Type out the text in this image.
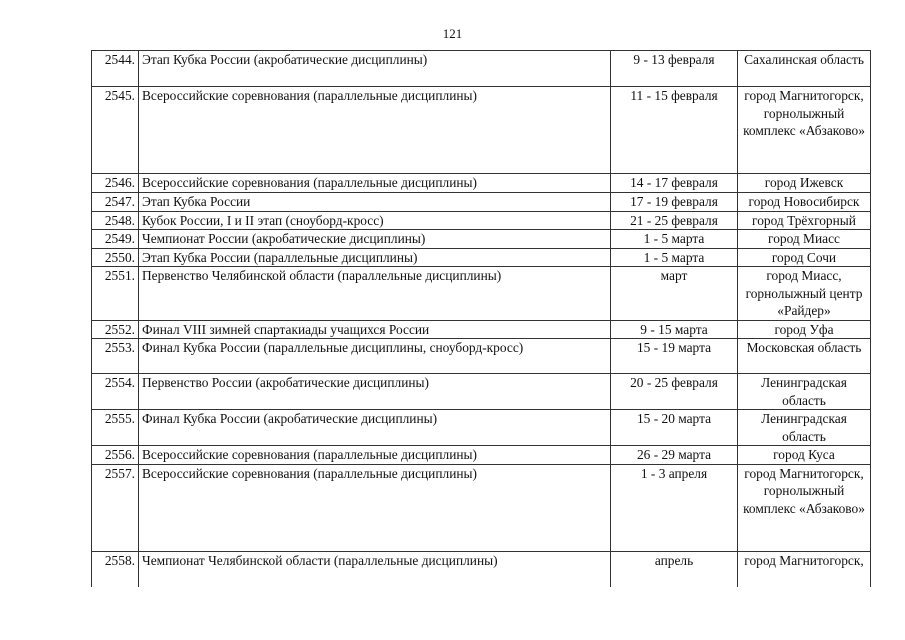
121
2544.	Этап Кубка России (акробатические дисциплины)	9 - 13 февраля	Сахалинская область
2545.	Всероссийские соревнования (параллельные дисциплины)	11 - 15 февраля	город Магнитогорск, горнолыжный комплекс «Абзаково»
2546.	Всероссийские соревнования (параллельные дисциплины)	14 - 17 февраля	город Ижевск
2547.	Этап Кубка России	17 - 19 февраля	город Новосибирск
2548.	Кубок России, I и II этап (сноуборд-кросс)	21 - 25 февраля	город Трёхгорный
2549.	Чемпионат России (акробатические дисциплины)	1 - 5 марта	город Миасс
2550.	Этап Кубка России (параллельные дисциплины)	1 - 5 марта	город Сочи
2551.	Первенство Челябинской области (параллельные дисциплины)	март	город Миасс, горнолыжный центр «Райдер»
2552.	Финал VIII зимней спартакиады учащихся России	9 - 15 марта	город Уфа
2553.	Финал Кубка России (параллельные дисциплины, сноуборд-кросс)	15 - 19 марта	Московская область
2554.	Первенство России (акробатические дисциплины)	20 - 25 февраля	Ленинградская область
2555.	Финал Кубка России (акробатические дисциплины)	15 - 20 марта	Ленинградская область
2556.	Всероссийские соревнования (параллельные дисциплины)	26 - 29 марта	город Куса
2557.	Всероссийские соревнования (параллельные дисциплины)	1 - 3 апреля	город Магнитогорск, горнолыжный комплекс «Абзаково»
2558.	Чемпионат Челябинской области (параллельные дисциплины)	апрель	город Магнитогорск,
